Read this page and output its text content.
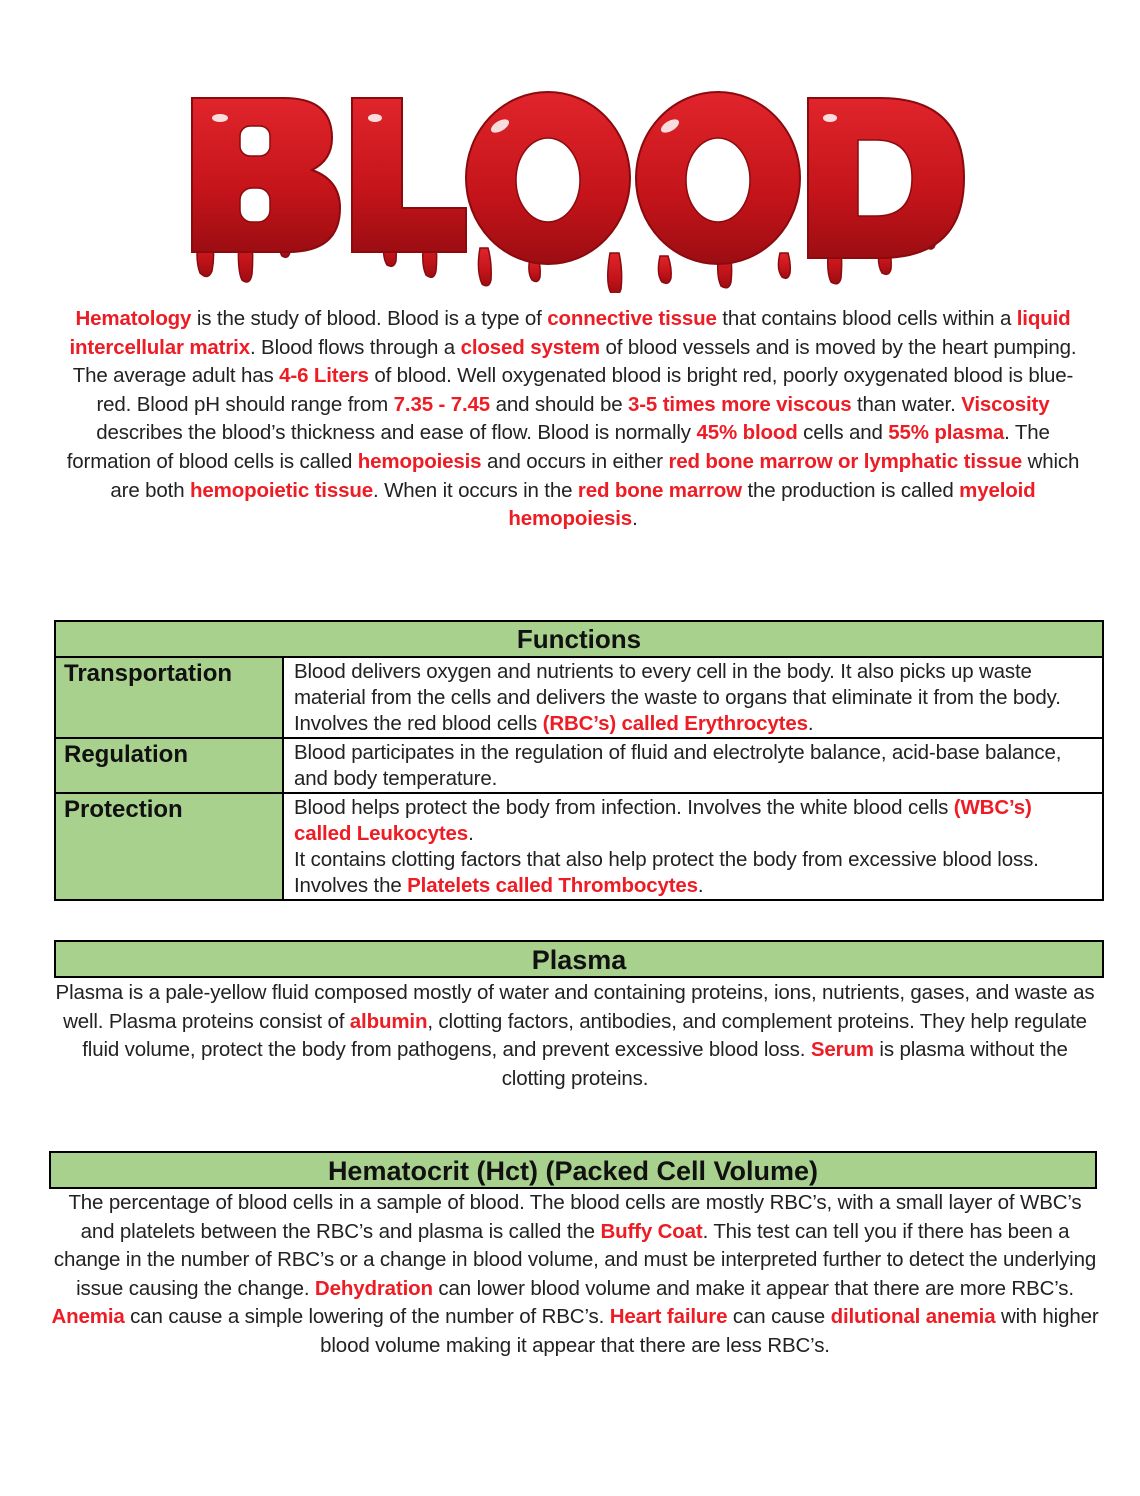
Hematology is the study of blood. Blood is a type of connective tissue that contains blood cells within a liquid intercellular matrix. Blood flows through a closed system of blood vessels and is moved by the heart pumping. The average adult has 4-6 Liters of blood. Well oxygenated blood is bright red, poorly oxygenated blood is blue-red. Blood pH should range from 7.35 - 7.45 and should be 3-5 times more viscous than water. Viscosity describes the blood’s thickness and ease of flow. Blood is normally 45% blood cells and 55% plasma. The formation of blood cells is called hemopoiesis and occurs in either red bone marrow or lymphatic tissue which are both hemopoietic tissue. When it occurs in the red bone marrow the production is called myeloid hemopoiesis.

Functions	
Transportation	Blood delivers oxygen and nutrients to every cell in the body. It also picks up waste material from the cells and delivers the waste to organs that eliminate it from the body. Involves the red blood cells (RBC’s) called Erythrocytes.
Regulation	Blood participates in the regulation of fluid and electrolyte balance, acid-base balance, and body temperature.
Protection	Blood helps protect the body from infection. Involves the white blood cells (WBC’s) called Leukocytes.
It contains clotting factors that also help protect the body from excessive blood loss. Involves the Platelets called Thrombocytes.
Plasma

Plasma is a pale-yellow fluid composed mostly of water and containing proteins, ions, nutrients, gases, and waste as well. Plasma proteins consist of albumin, clotting factors, antibodies, and complement proteins. They help regulate fluid volume, protect the body from pathogens, and prevent excessive blood loss. Serum is plasma without the clotting proteins.

Hematocrit (Hct) (Packed Cell Volume)

The percentage of blood cells in a sample of blood. The blood cells are mostly RBC’s, with a small layer of WBC’s and platelets between the RBC’s and plasma is called the Buffy Coat. This test can tell you if there has been a change in the number of RBC’s or a change in blood volume, and must be interpreted further to detect the underlying issue causing the change. Dehydration can lower blood volume and make it appear that there are more RBC’s. Anemia can cause a simple lowering of the number of RBC’s. Heart failure can cause dilutional anemia with higher blood volume making it appear that there are less RBC’s.
